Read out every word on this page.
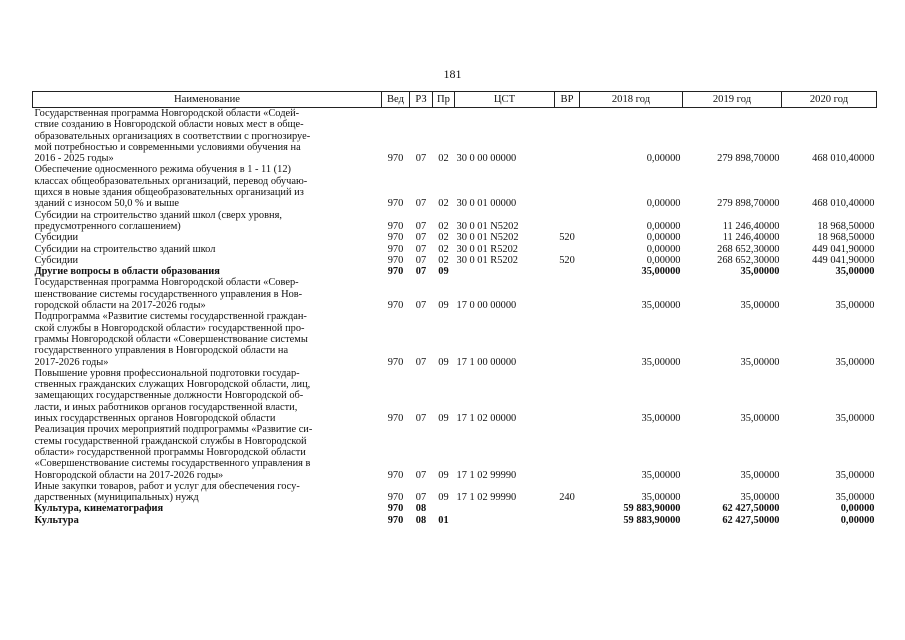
181
Наименование	Вед	РЗ	Пр	ЦСТ	ВР	2018 год	2019 год	2020 год
Государственная программа Новгородской области «Содей-
ствие созданию в Новгородской области новых мест в обще-
образовательных организациях в соответствии с прогнозируе-
мой потребностью и современными условиями обучения на
2016 - 2025 годы»	970	07	02	30 0 00 00000		0,00000	279 898,70000	468 010,40000
Обеспечение односменного режима обучения в 1 - 11 (12)
классах общеобразовательных организаций, перевод обучаю-
щихся в новые здания общеобразовательных организаций из
зданий с износом 50,0 % и выше	970	07	02	30 0 01 00000		0,00000	279 898,70000	468 010,40000
Субсидии на строительство зданий школ (сверх уровня,
предусмотренного соглашением)	970	07	02	30 0 01 N5202		0,00000	11 246,40000	18 968,50000
Субсидии	970	07	02	30 0 01 N5202	520	0,00000	11 246,40000	18 968,50000
Субсидии на строительство зданий школ	970	07	02	30 0 01 R5202		0,00000	268 652,30000	449 041,90000
Субсидии	970	07	02	30 0 01 R5202	520	0,00000	268 652,30000	449 041,90000
Другие вопросы в области образования	970	07	09			35,00000	35,00000	35,00000
Государственная программа Новгородской области «Совер-
шенствование системы государственного управления в Нов-
городской области на 2017-2026 годы»	970	07	09	17 0 00 00000		35,00000	35,00000	35,00000
Подпрограмма «Развитие системы государственной граждан-
ской службы в Новгородской области» государственной про-
граммы Новгородской области «Совершенствование системы
государственного управления в Новгородской области на
2017-2026 годы»	970	07	09	17 1 00 00000		35,00000	35,00000	35,00000
Повышение уровня профессиональной подготовки государ-
ственных гражданских служащих Новгородской области, лиц,
замещающих государственные должности Новгородской об-
ласти, и иных работников органов государственной власти,
иных государственных органов Новгородской области	970	07	09	17 1 02 00000		35,00000	35,00000	35,00000
Реализация прочих мероприятий подпрограммы «Развитие си-
стемы государственной гражданской службы в Новгородской
области» государственной программы Новгородской области
«Совершенствование системы государственного управления в
Новгородской области на 2017-2026 годы»	970	07	09	17 1 02 99990		35,00000	35,00000	35,00000
Иные закупки товаров, работ и услуг для обеспечения госу-
дарственных (муниципальных) нужд	970	07	09	17 1 02 99990	240	35,00000	35,00000	35,00000
Культура, кинематография	970	08				59 883,90000	62 427,50000	0,00000
Культура	970	08	01			59 883,90000	62 427,50000	0,00000
